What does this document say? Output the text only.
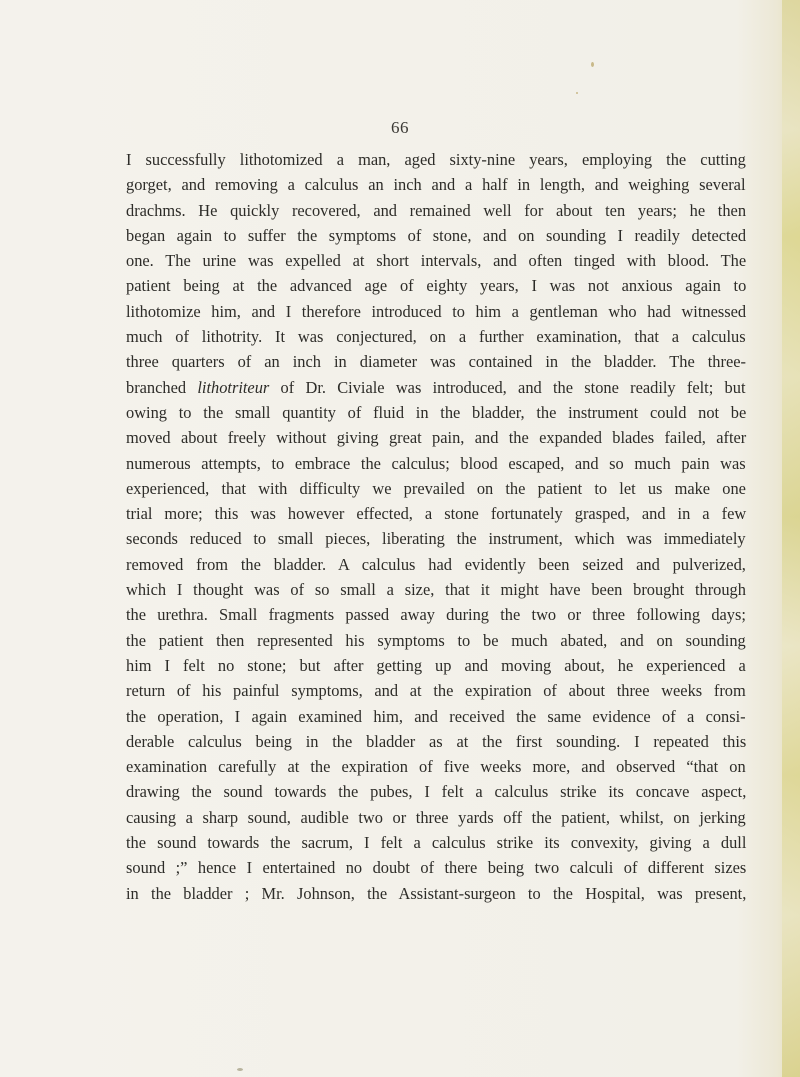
66
I successfully lithotomized a man, aged sixty-nine years, employing the cutting
gorget, and removing a calculus an inch and a half in length, and weighing several
drachms. He quickly recovered, and remained well for about ten years; he then
began again to suffer the symptoms of stone, and on sounding I readily detected
one. The urine was expelled at short intervals, and often tinged with blood. The
patient being at the advanced age of eighty years, I was not anxious again to
lithotomize him, and I therefore introduced to him a gentleman who had witnessed
much of lithotrity. It was conjectured, on a further examination, that a calculus
three quarters of an inch in diameter was contained in the bladder. The three-
branched lithotriteur of Dr. Civiale was introduced, and the stone readily felt; but
owing to the small quantity of fluid in the bladder, the instrument could not be
moved about freely without giving great pain, and the expanded blades failed, after
numerous attempts, to embrace the calculus; blood escaped, and so much pain was
experienced, that with difficulty we prevailed on the patient to let us make one
trial more; this was however effected, a stone fortunately grasped, and in a few
seconds reduced to small pieces, liberating the instrument, which was immediately
removed from the bladder. A calculus had evidently been seized and pulverized,
which I thought was of so small a size, that it might have been brought through
the urethra. Small fragments passed away during the two or three following days;
the patient then represented his symptoms to be much abated, and on sounding
him I felt no stone; but after getting up and moving about, he experienced a
return of his painful symptoms, and at the expiration of about three weeks from
the operation, I again examined him, and received the same evidence of a consi-
derable calculus being in the bladder as at the first sounding. I repeated this
examination carefully at the expiration of five weeks more, and observed “that on
drawing the sound towards the pubes, I felt a calculus strike its concave aspect,
causing a sharp sound, audible two or three yards off the patient, whilst, on jerking
the sound towards the sacrum, I felt a calculus strike its convexity, giving a dull
sound ;” hence I entertained no doubt of there being two calculi of different sizes
in the bladder ; Mr. Johnson, the Assistant-surgeon to the Hospital, was present,
